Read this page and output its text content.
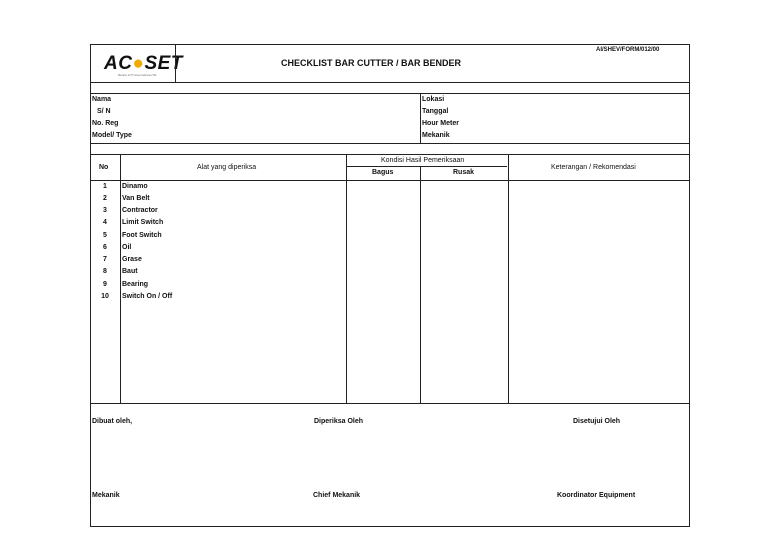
AC●SET
Member of PT Acset Indonusa Tbk
CHECKLIST BAR CUTTER / BAR BENDER
AI/SHEV/FORM/012/00
Nama
S/ N
No. Reg
Model/ Type
Lokasi
Tanggal
Hour Meter
Mekanik
No	Alat yang diperiksa
Kondisi Hasil Pemeriksaan
Bagus	Rusak
Keterangan / Rekomendasi
1	Dinamo
2	Van Belt
3	Contractor
4	Limit Switch
5	Foot Switch
6	Oil
7	Grase
8	Baut
9	Bearing
10	Switch On / Off
Dibuat oleh,	Diperiksa Oleh	Disetujui Oleh
Mekanik	Chief Mekanik	Koordinator Equipment
